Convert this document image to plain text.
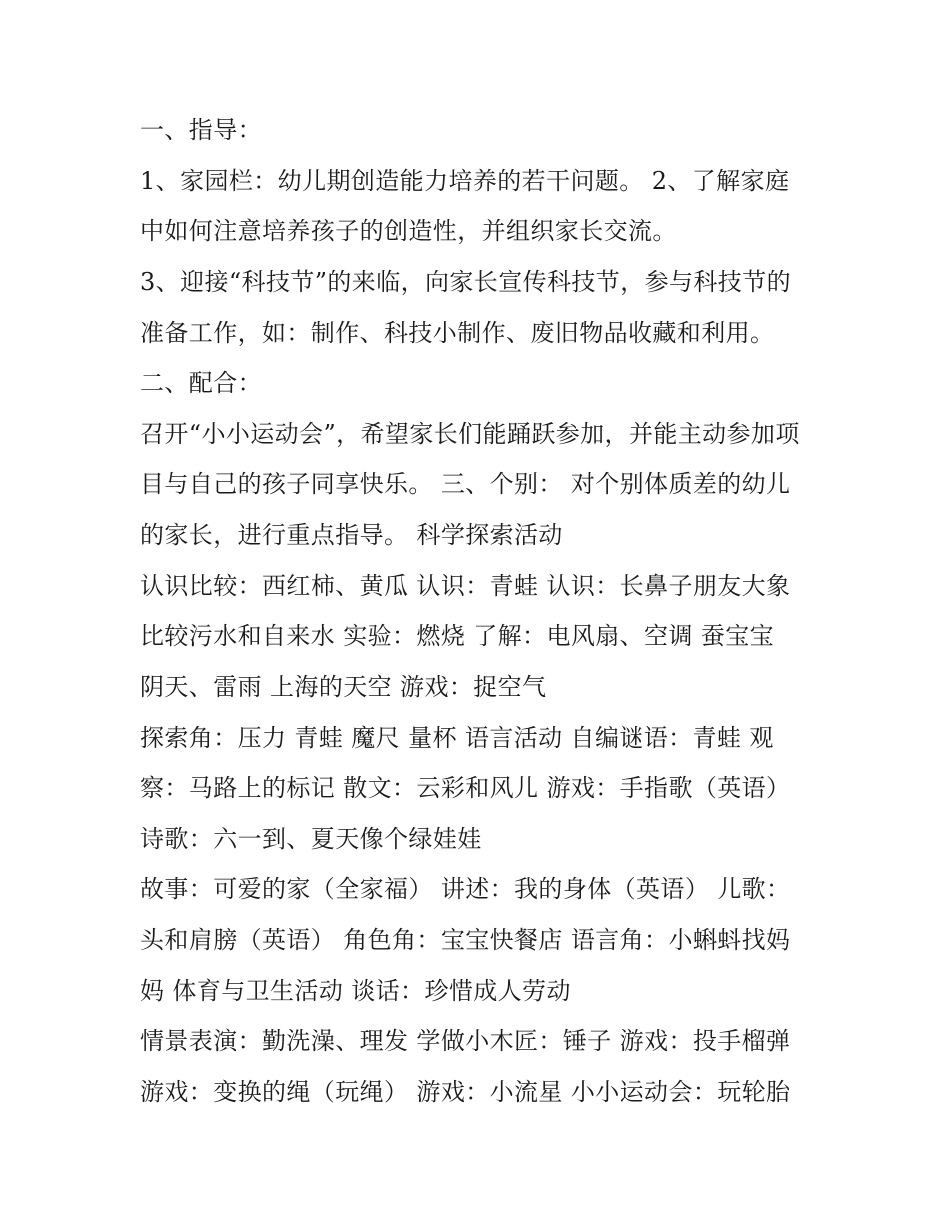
一、指导：
1、家园栏：幼儿期创造能力培养的若干问题。 2、了解家庭
中如何注意培养孩子的创造性，并组织家长交流。
3、迎接“科技节”的来临，向家长宣传科技节，参与科技节的
准备工作，如：制作、科技小制作、废旧物品收藏和利用。
二、配合：
召开“小小运动会”，希望家长们能踊跃参加，并能主动参加项
目与自己的孩子同享快乐。 三、个别： 对个别体质差的幼儿
的家长，进行重点指导。 科学探索活动
认识比较：西红柿、黄瓜 认识：青蛙 认识：长鼻子朋友大象
比较污水和自来水 实验：燃烧 了解：电风扇、空调 蚕宝宝
阴天、雷雨 上海的天空 游戏：捉空气
探索角：压力 青蛙 魔尺 量杯 语言活动 自编谜语：青蛙 观
察：马路上的标记 散文：云彩和风儿 游戏：手指歌（英语）
诗歌：六一到、夏天像个绿娃娃
故事：可爱的家（全家福） 讲述：我的身体（英语） 儿歌：
头和肩膀（英语） 角色角：宝宝快餐店 语言角：小蝌蚪找妈
妈 体育与卫生活动 谈话：珍惜成人劳动
情景表演：勤洗澡、理发 学做小木匠：锤子 游戏：投手榴弹
游戏：变换的绳（玩绳） 游戏：小流星 小小运动会：玩轮胎
